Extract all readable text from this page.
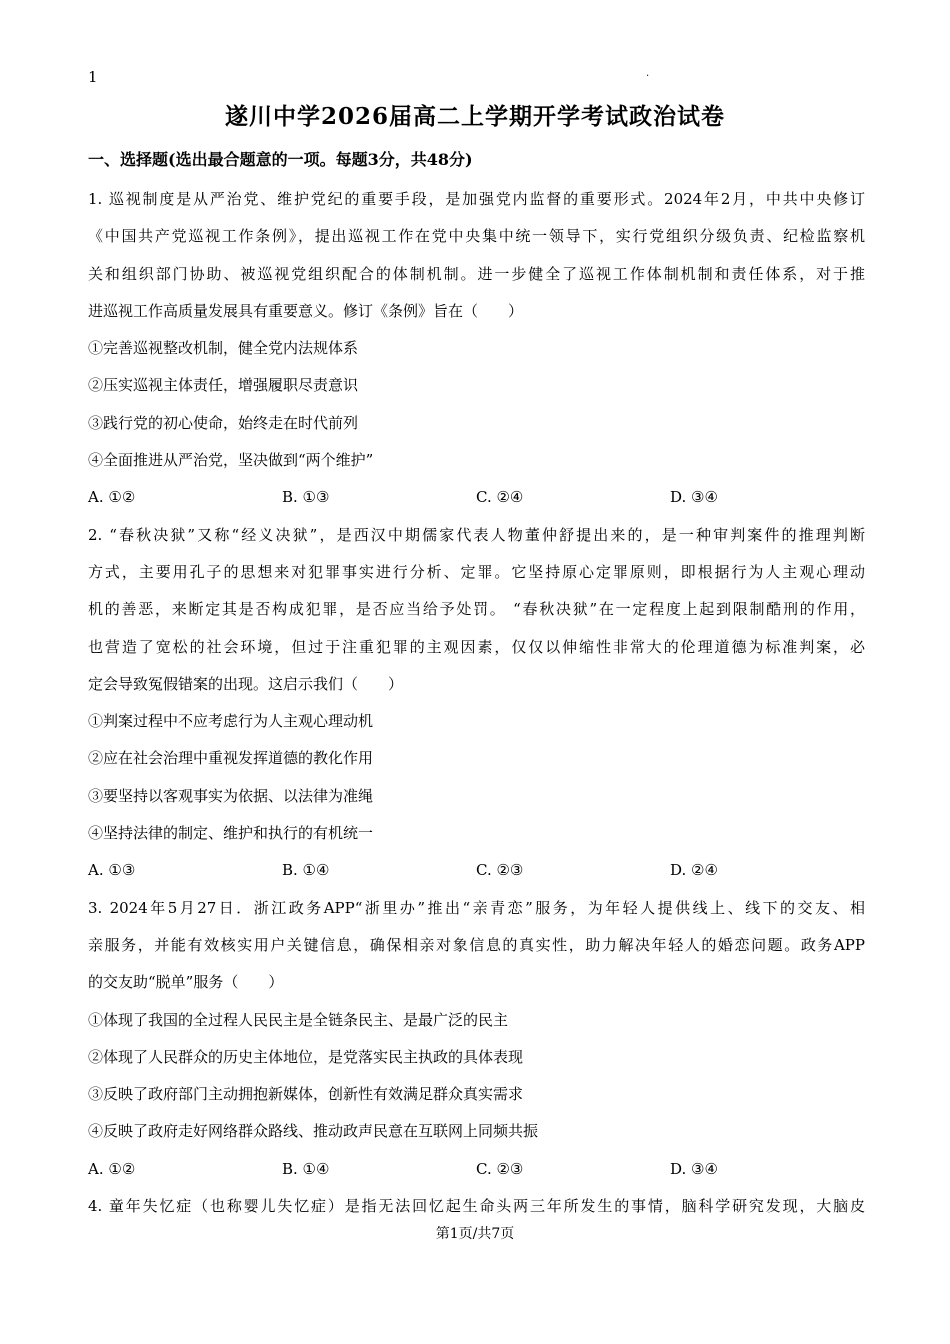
1	.
遂川中学2026届高二上学期开学考试政治试卷
一、选择题(选出最合题意的一项。每题3分，共48分)
1. 巡视制度是从严治党、维护党纪的重要手段，是加强党内监督的重要形式。2024年2月，中共中央修订
《中国共产党巡视工作条例》，提出巡视工作在党中央集中统一领导下，实行党组织分级负责、纪检监察机
关和组织部门协助、被巡视党组织配合的体制机制。进一步健全了巡视工作体制机制和责任体系，对于推
进巡视工作高质量发展具有重要意义。修订《条例》旨在（　　）
①完善巡视整改机制，健全党内法规体系
②压实巡视主体责任，增强履职尽责意识
③践行党的初心使命，始终走在时代前列
④全面推进从严治党，坚决做到“两个维护”
A. ①②	B. ①③	C. ②④	D. ③④
2. “春秋决狱”又称“经义决狱”，是西汉中期儒家代表人物董仲舒提出来的，是一种审判案件的推理判断
方式，主要用孔子的思想来对犯罪事实进行分析、定罪。它坚持原心定罪原则，即根据行为人主观心理动
机的善恶，来断定其是否构成犯罪，是否应当给予处罚。 “春秋决狱”在一定程度上起到限制酷刑的作用，
也营造了宽松的社会环境，但过于注重犯罪的主观因素，仅仅以伸缩性非常大的伦理道德为标准判案，必
定会导致冤假错案的出现。这启示我们（　　）
①判案过程中不应考虑行为人主观心理动机
②应在社会治理中重视发挥道德的教化作用
③要坚持以客观事实为依据、以法律为准绳
④坚持法律的制定、维护和执行的有机统一
A. ①③	B. ①④	C. ②③	D. ②④
3. 2024年5月27日．浙江政务APP“浙里办”推出“亲青恋”服务，为年轻人提供线上、线下的交友、相
亲服务，并能有效核实用户关键信息，确保相亲对象信息的真实性，助力解决年轻人的婚恋问题。政务APP
的交友助“脱单”服务（　　）
①体现了我国的全过程人民民主是全链条民主、是最广泛的民主
②体现了人民群众的历史主体地位，是党落实民主执政的具体表现
③反映了政府部门主动拥抱新媒体，创新性有效满足群众真实需求
④反映了政府走好网络群众路线、推动政声民意在互联网上同频共振
A. ①②	B. ①④	C. ②③	D. ③④
4. 童年失忆症（也称婴儿失忆症）是指无法回忆起生命头两三年所发生的事情，脑科学研究发现，大脑皮
第1页/共7页
